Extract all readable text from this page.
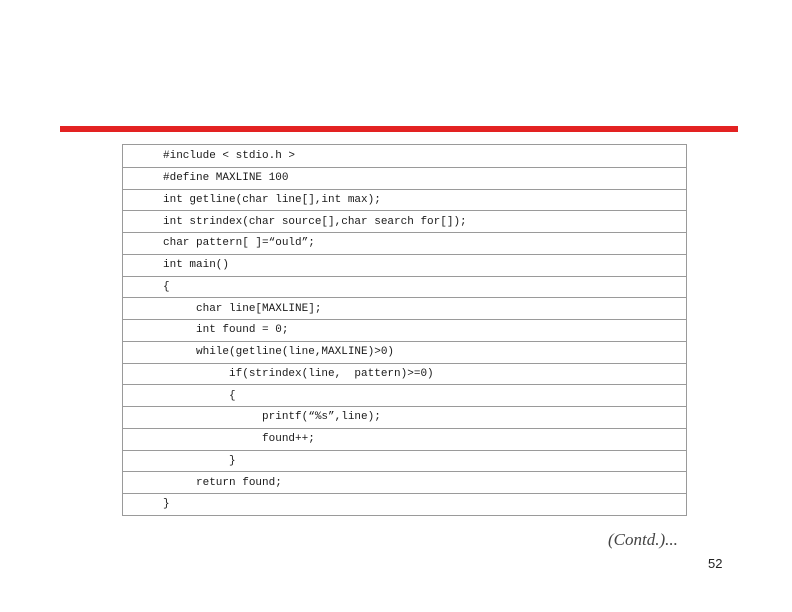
#include < stdio.h >
#define MAXLINE 100
int getline(char line[],int max);
int strindex(char source[],char search for[]);
char pattern[ ]=“ould”;
int main()
{
char line[MAXLINE];
int found = 0;
while(getline(line,MAXLINE)>0)
if(strindex(line,  pattern)>=0)
{
printf(“%s”,line);
found++;
}
return found;
}
(Contd.)...
52
